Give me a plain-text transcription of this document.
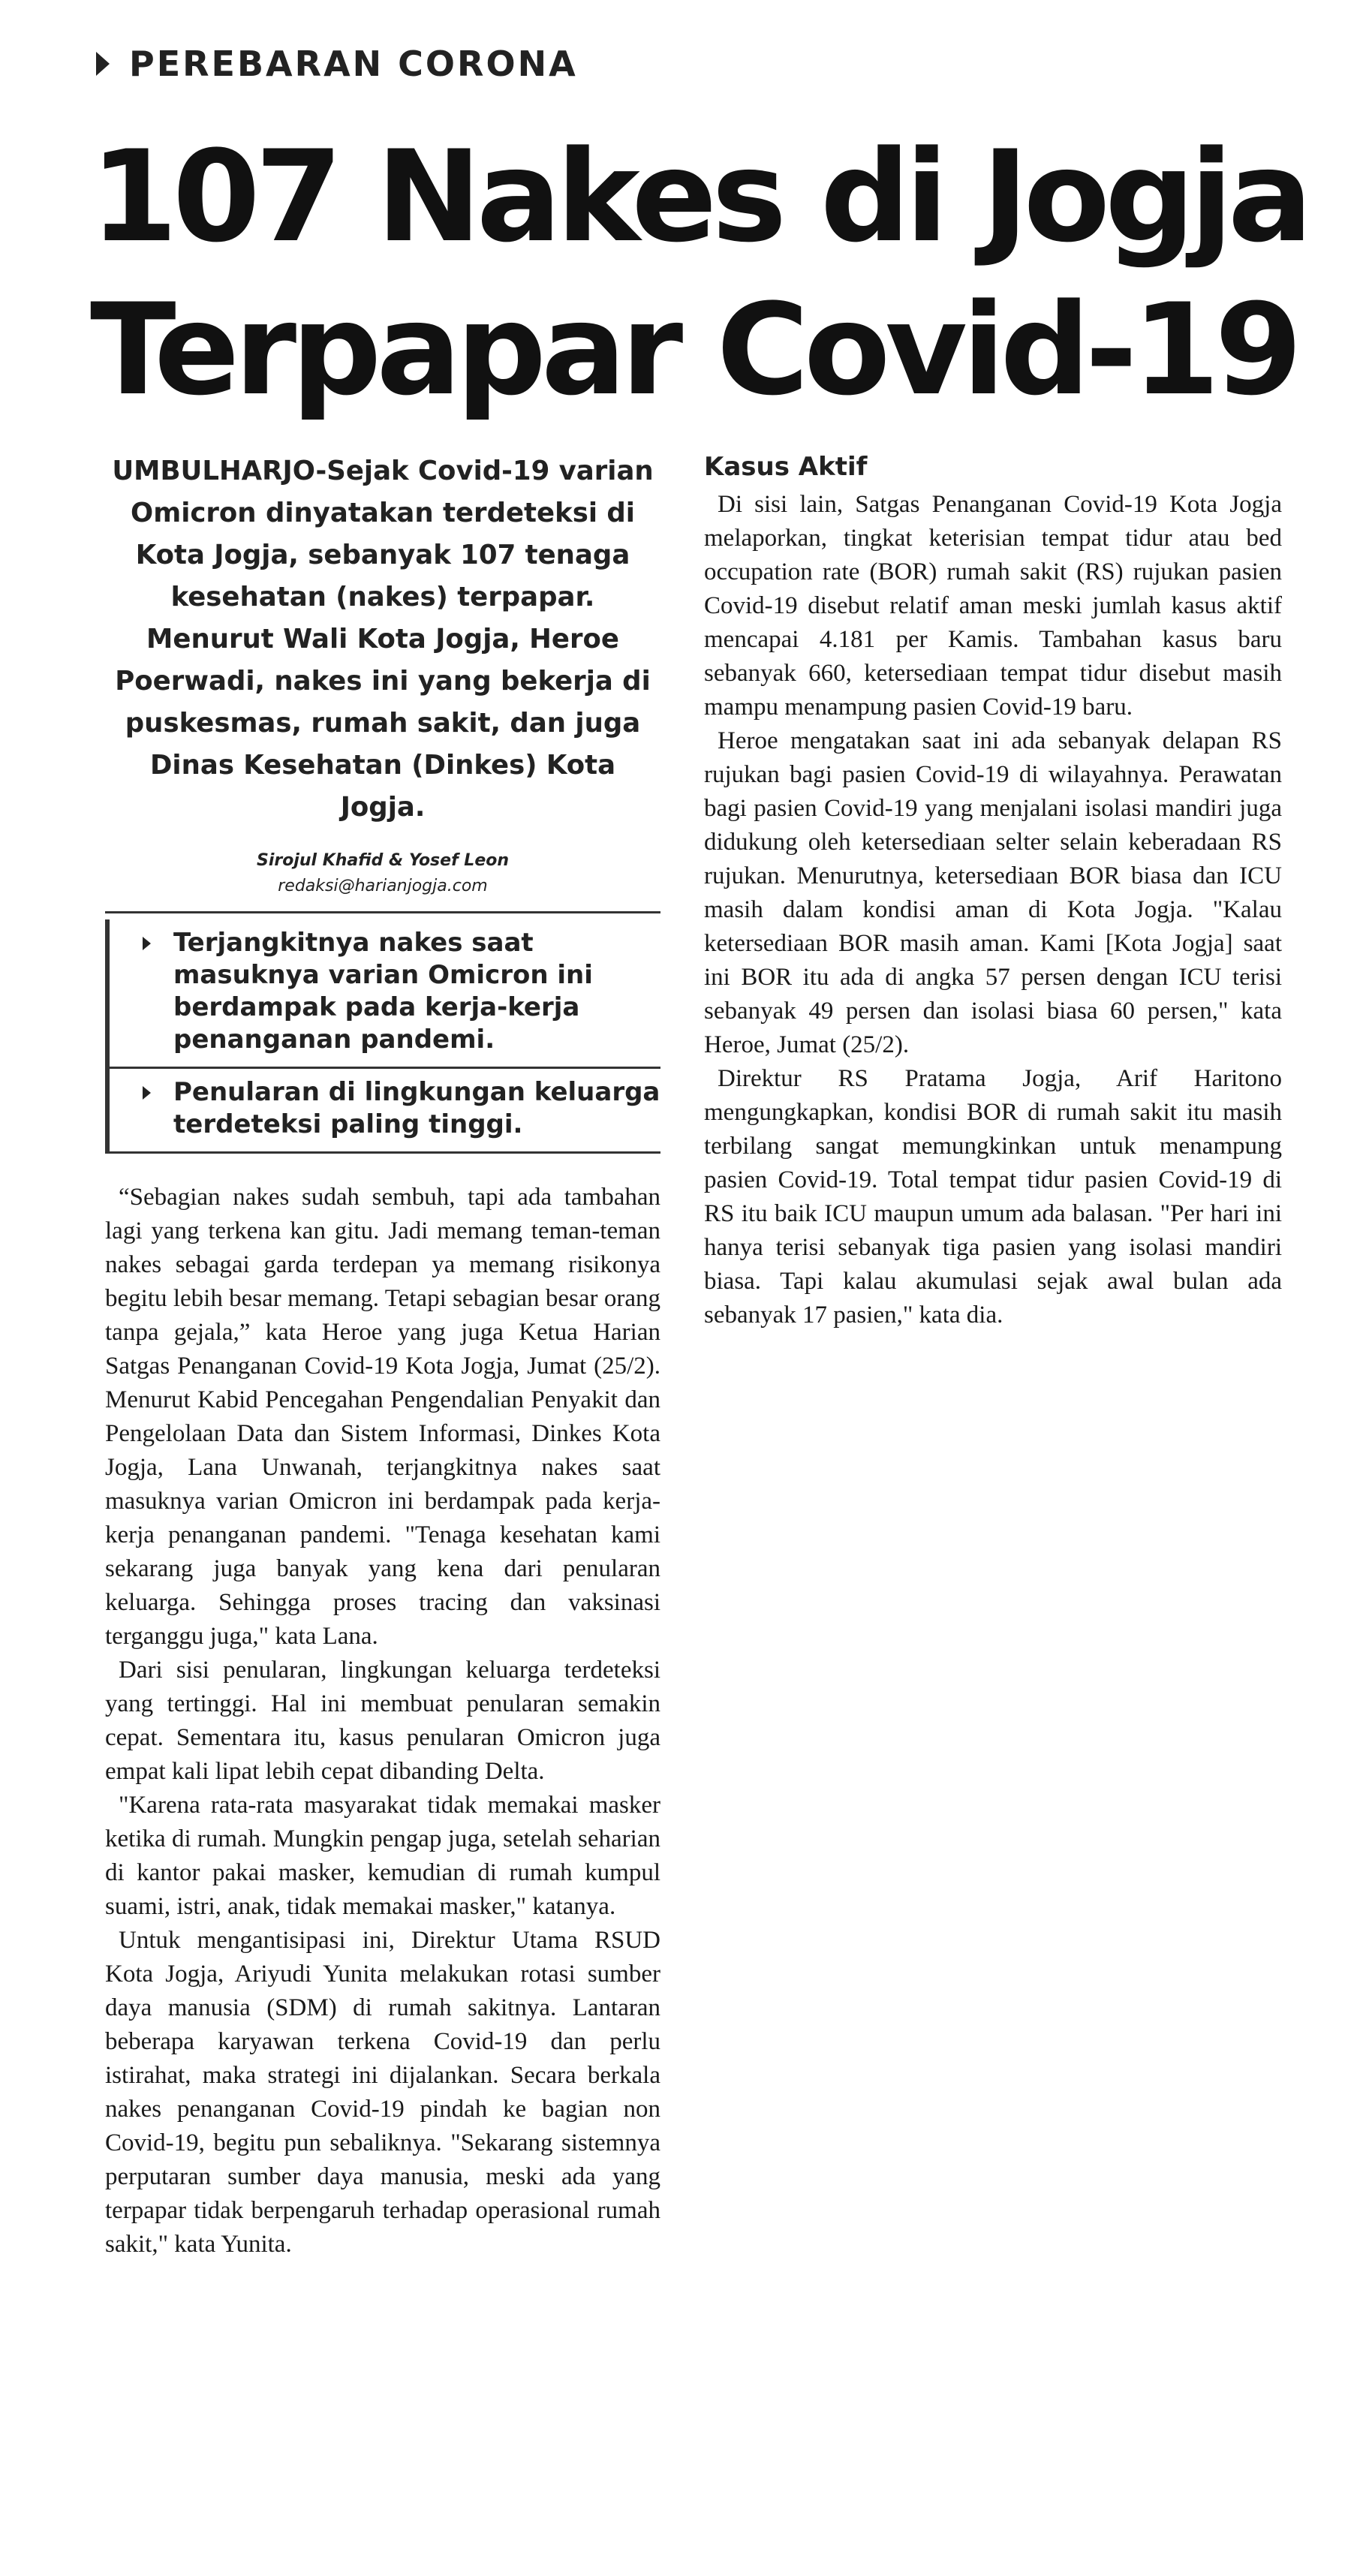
PEREBARAN CORONA
107 Nakes di Jogja
Terpapar Covid-19

UMBULHARJO-Sejak Covid-19 varian Omicron dinyatakan terdeteksi di Kota Jogja, sebanyak 107 tenaga kesehatan (nakes) terpapar. Menurut Wali Kota Jogja, Heroe Poerwadi, nakes ini yang bekerja di puskesmas, rumah sakit, dan juga Dinas Kesehatan (Dinkes) Kota Jogja.

Sirojul Khafid & Yosef Leon
redaksi@harianjogja.com
Terjangkitnya nakes saat masuknya varian Omicron ini berdampak pada kerja-kerja penanganan pandemi.
Penularan di lingkungan keluarga terdeteksi paling tinggi.

“Sebagian nakes sudah sembuh, tapi ada tambahan lagi yang terkena kan gitu. Jadi memang teman-teman nakes sebagai garda terdepan ya memang risikonya begitu lebih besar memang. Tetapi sebagian besar orang tanpa gejala,” kata Heroe yang juga Ketua Harian Satgas Penanganan Covid-19 Kota Jogja, Jumat (25/2). Menurut Kabid Pencegahan Pengendalian Penyakit dan Pengelolaan Data dan Sistem Informasi, Dinkes Kota Jogja, Lana Unwanah, terjangkitnya nakes saat masuknya varian Omicron ini berdampak pada kerja-kerja penanganan pandemi. "Tenaga kesehatan kami sekarang juga banyak yang kena dari penularan keluarga. Sehingga proses tracing dan vaksinasi terganggu juga," kata Lana.

Dari sisi penularan, lingkungan keluarga terdeteksi yang tertinggi. Hal ini membuat penularan semakin cepat. Sementara itu, kasus penularan Omicron juga empat kali lipat lebih cepat dibanding Delta.

"Karena rata-rata masyarakat tidak memakai masker ketika di rumah. Mungkin pengap juga, setelah seharian di kantor pakai masker, kemudian di rumah kumpul suami, istri, anak, tidak memakai masker," katanya.

Untuk mengantisipasi ini, Direktur Utama RSUD Kota Jogja, Ariyudi Yunita melakukan rotasi sumber daya manusia (SDM) di rumah sakitnya. Lantaran beberapa karyawan terkena Covid-19 dan perlu istirahat, maka strategi ini dijalankan. Secara berkala nakes penanganan Covid-19 pindah ke bagian non Covid-19, begitu pun sebaliknya. "Sekarang sistemnya perputaran sumber daya manusia, meski ada yang terpapar tidak berpengaruh terhadap operasional rumah sakit," kata Yunita.

Kasus Aktif

Di sisi lain, Satgas Penanganan Covid-19 Kota Jogja melaporkan, tingkat keterisian tempat tidur atau bed occupation rate (BOR) rumah sakit (RS) rujukan pasien Covid-19 disebut relatif aman meski jumlah kasus aktif mencapai 4.181 per Kamis. Tambahan kasus baru sebanyak 660, ketersediaan tempat tidur disebut masih mampu menampung pasien Covid-19 baru.

Heroe mengatakan saat ini ada sebanyak delapan RS rujukan bagi pasien Covid-19 di wilayahnya. Perawatan bagi pasien Covid-19 yang menjalani isolasi mandiri juga didukung oleh ketersediaan selter selain keberadaan RS rujukan. Menurutnya, ketersediaan BOR biasa dan ICU masih dalam kondisi aman di Kota Jogja. "Kalau ketersediaan BOR masih aman. Kami [Kota Jogja] saat ini BOR itu ada di angka 57 persen dengan ICU terisi sebanyak 49 persen dan isolasi biasa 60 persen," kata Heroe, Jumat (25/2).

Direktur RS Pratama Jogja, Arif Haritono mengungkapkan, kondisi BOR di rumah sakit itu masih terbilang sangat memungkinkan untuk menampung pasien Covid-19. Total tempat tidur pasien Covid-19 di RS itu baik ICU maupun umum ada balasan. "Per hari ini hanya terisi sebanyak tiga pasien yang isolasi mandiri biasa. Tapi kalau akumulasi sejak awal bulan ada sebanyak 17 pasien," kata dia.
